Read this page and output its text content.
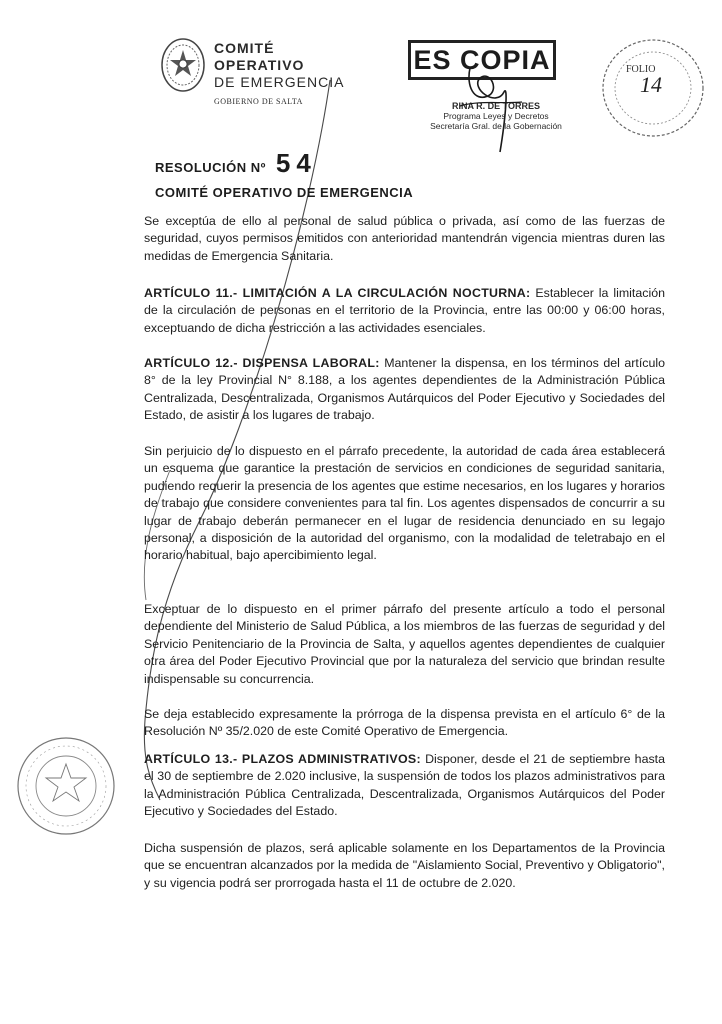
COMITÉ
OPERATIVO
DE EMERGENCIA
GOBIERNO DE SALTA
ES COPIA
RINA R. DE TORRES
Programa Leyes y Decretos
Secretaría Gral. de la Gobernación
FOLIO
14
RESOLUCIÓN Nº 54
COMITÉ OPERATIVO DE EMERGENCIA
Se exceptúa de ello al personal de salud pública o privada, así como de las fuerzas de seguridad, cuyos permisos emitidos con anterioridad mantendrán vigencia mientras duren las medidas de Emergencia Sanitaria.
ARTÍCULO 11.- LIMITACIÓN A LA CIRCULACIÓN NOCTURNA: Establecer la limitación de la circulación de personas en el territorio de la Provincia, entre las 00:00 y 06:00 horas, exceptuando de dicha restricción a las actividades esenciales.
ARTÍCULO 12.- DISPENSA LABORAL: Mantener la dispensa, en los términos del artículo 8° de la ley Provincial N° 8.188, a los agentes dependientes de la Administración Pública Centralizada, Descentralizada, Organismos Autárquicos del Poder Ejecutivo y Sociedades del Estado, de asistir a los lugares de trabajo.
Sin perjuicio de lo dispuesto en el párrafo precedente, la autoridad de cada área establecerá un esquema que garantice la prestación de servicios en condiciones de seguridad sanitaria, pudiendo requerir la presencia de los agentes que estime necesarios, en los lugares y horarios de trabajo que considere convenientes para tal fin. Los agentes dispensados de concurrir a su lugar de trabajo deberán permanecer en el lugar de residencia denunciado en su legajo personal, a disposición de la autoridad del organismo, con la modalidad de teletrabajo en el horario habitual, bajo apercibimiento legal.
Exceptuar de lo dispuesto en el primer párrafo del presente artículo a todo el personal dependiente del Ministerio de Salud Pública, a los miembros de las fuerzas de seguridad y del Servicio Penitenciario de la Provincia de Salta, y aquellos agentes dependientes de cualquier otra área del Poder Ejecutivo Provincial que por la naturaleza del servicio que brindan resulte indispensable su concurrencia.
Se deja establecido expresamente la prórroga de la dispensa prevista en el artículo 6° de la Resolución Nº 35/2.020 de este Comité Operativo de Emergencia.
ARTÍCULO 13.- PLAZOS ADMINISTRATIVOS: Disponer, desde el 21 de septiembre hasta el 30 de septiembre de 2.020 inclusive, la suspensión de todos los plazos administrativos para la Administración Pública Centralizada, Descentralizada, Organismos Autárquicos del Poder Ejecutivo y Sociedades del Estado.
Dicha suspensión de plazos, será aplicable solamente en los Departamentos de la Provincia que se encuentran alcanzados por la medida de "Aislamiento Social, Preventivo y Obligatorio", y su vigencia podrá ser prorrogada hasta el 11 de octubre de 2.020.
